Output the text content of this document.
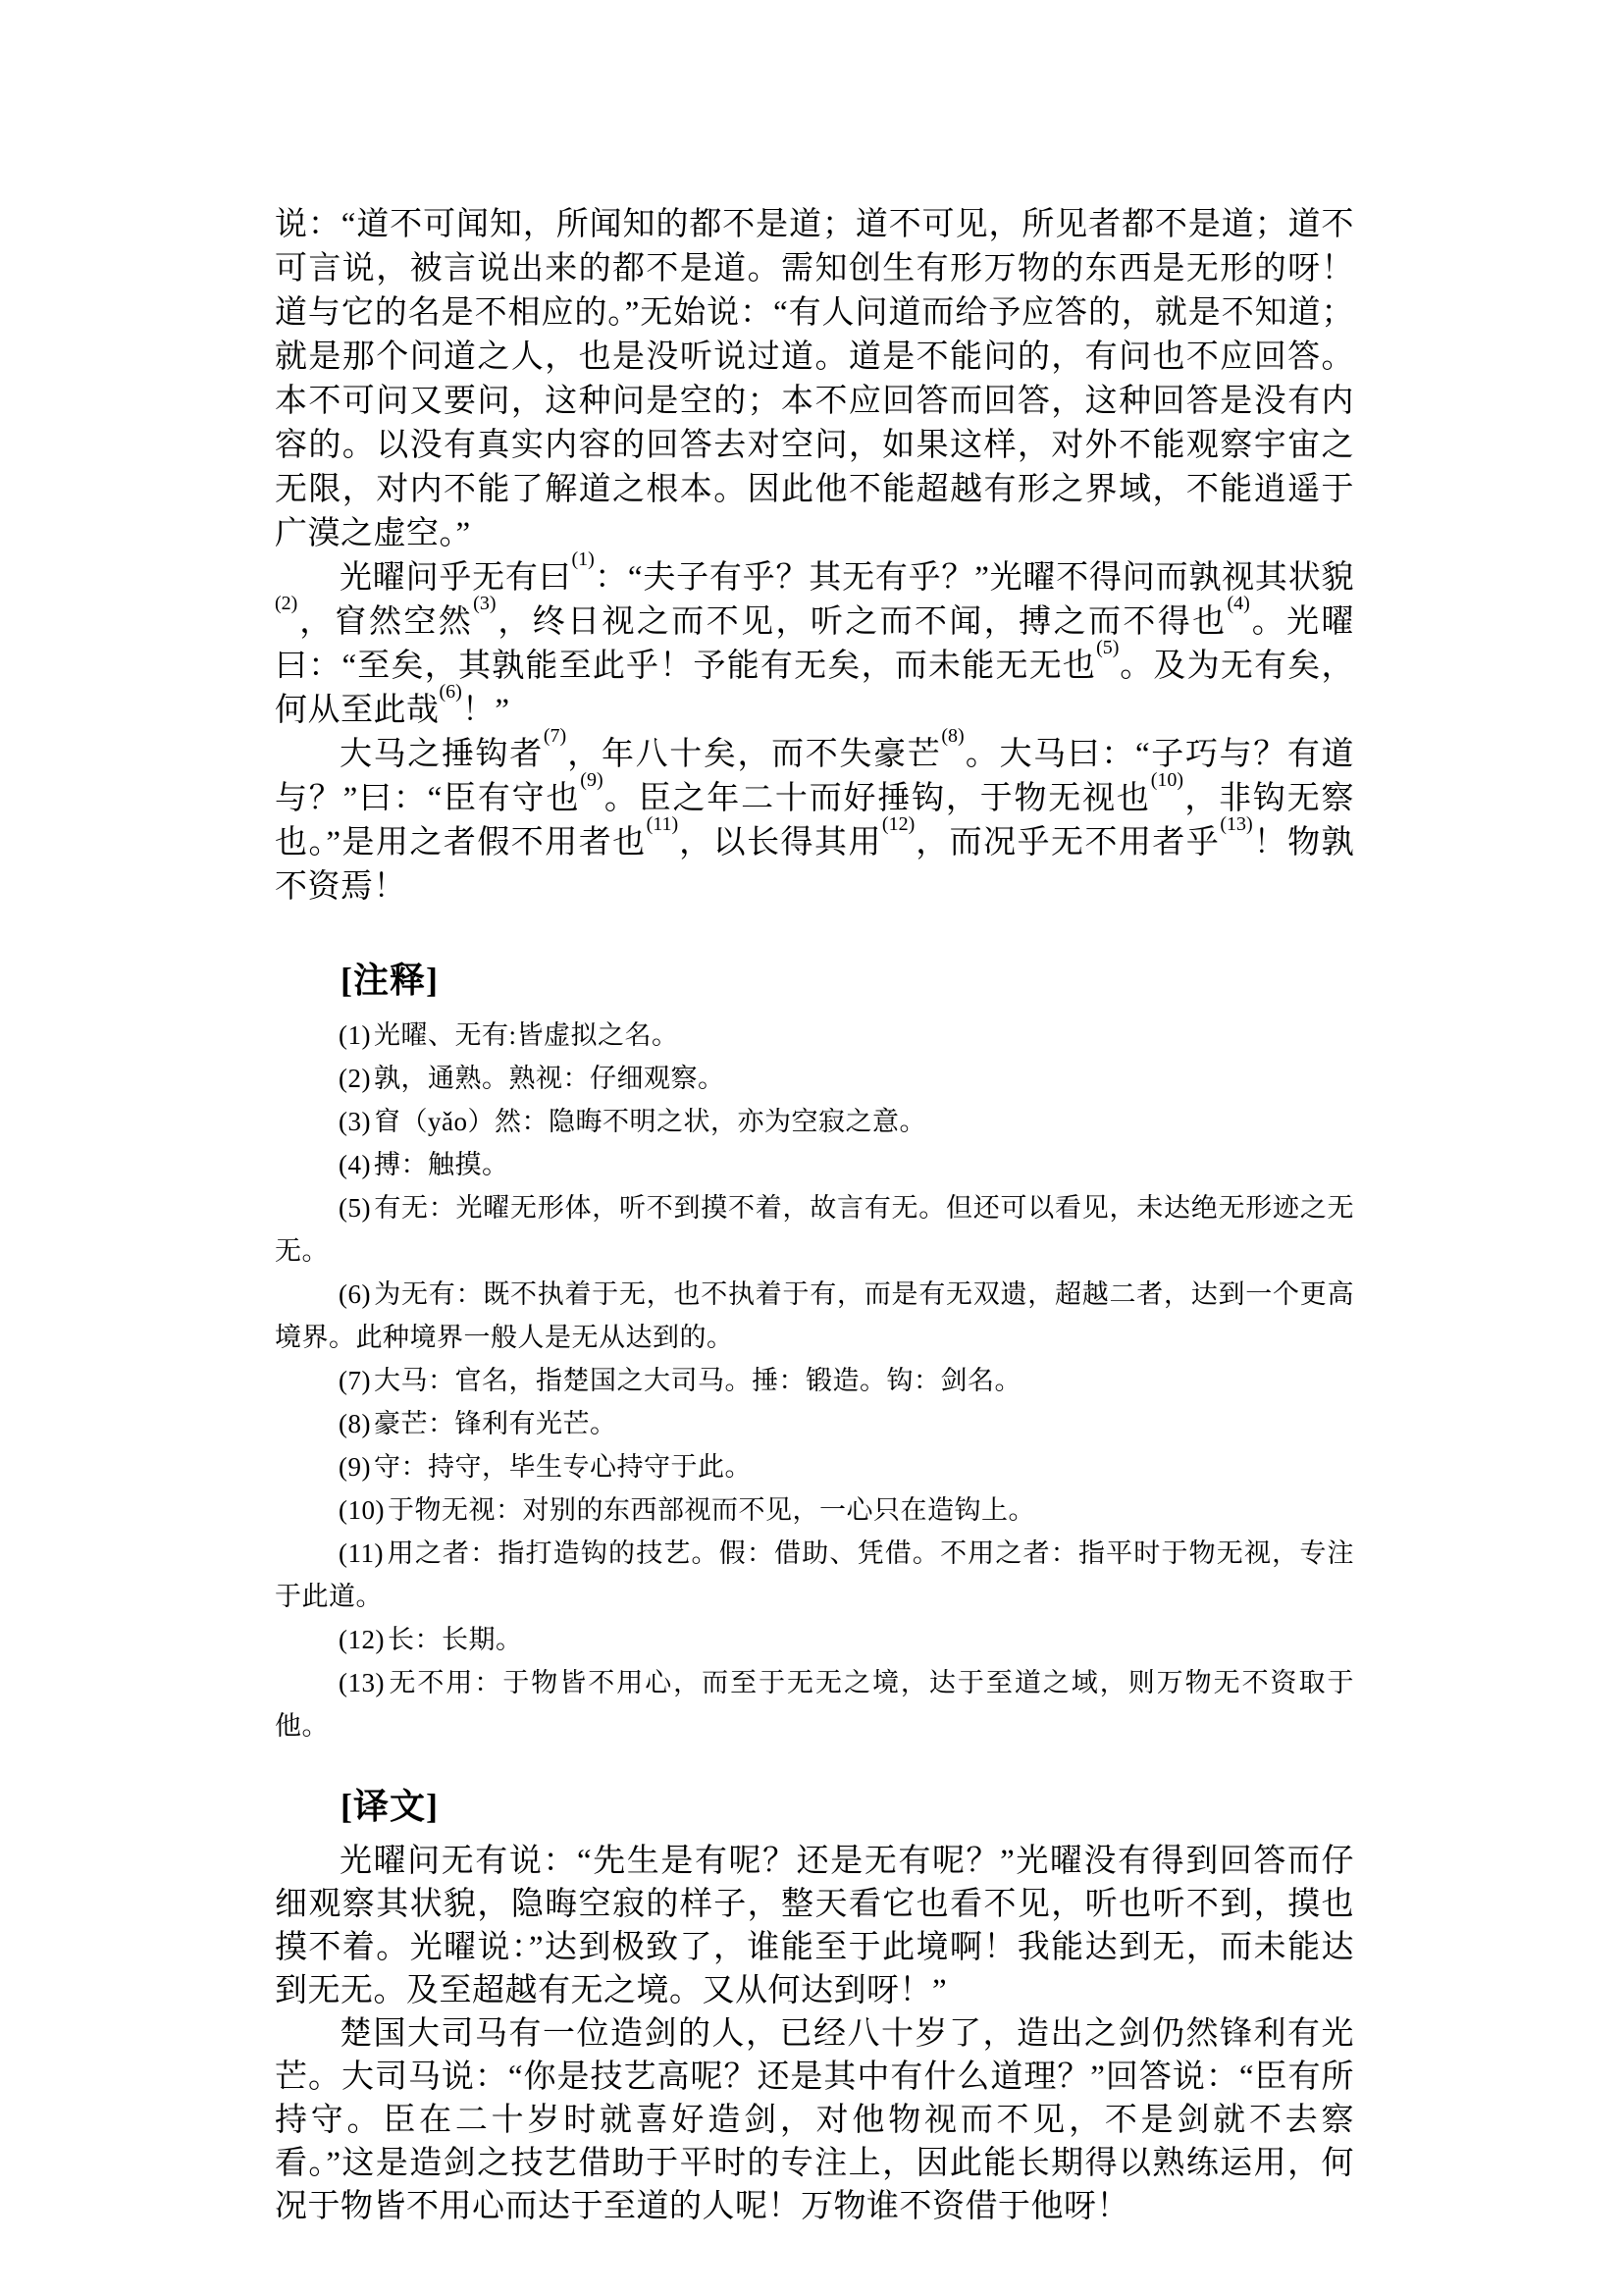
说：“道不可闻知，所闻知的都不是道；道不可见，所见者都不是道；道不可言说，被言说出来的都不是道。需知创生有形万物的东西是无形的呀！道与它的名是不相应的。”无始说：“有人问道而给予应答的，就是不知道；就是那个问道之人，也是没听说过道。道是不能问的，有问也不应回答。本不可问又要问，这种问是空的；本不应回答而回答，这种回答是没有内容的。以没有真实内容的回答去对空问，如果这样，对外不能观察宇宙之无限，对内不能了解道之根本。因此他不能超越有形之界域，不能逍遥于广漠之虚空。”

光曜问乎无有曰$^{(1)}$：“夫子有乎？其无有乎？”光曜不得问而孰视其状貌$^{(2)}$，窅然空然$^{(3)}$，终日视之而不见，听之而不闻，搏之而不得也$^{(4)}$。光曜曰：“至矣，其孰能至此乎！予能有无矣，而未能无无也$^{(5)}$。及为无有矣，何从至此哉$^{(6)}$！”

大马之捶钩者$^{(7)}$，年八十矣，而不失豪芒$^{(8)}$。大马曰：“子巧与？有道与？”曰：“臣有守也$^{(9)}$。臣之年二十而好捶钩，于物无视也$^{(10)}$，非钩无察也。”是用之者假不用者也$^{(11)}$，以长得其用$^{(12)}$，而况乎无不用者乎$^{(13)}$！物孰不资焉！

[注释]

(1) 光曜、无有:皆虚拟之名。

(2) 孰，通熟。熟视：仔细观察。

(3) 窅（yǎo）然：隐晦不明之状，亦为空寂之意。

(4) 搏：触摸。

(5) 有无：光曜无形体，听不到摸不着，故言有无。但还可以看见，未达绝无形迹之无无。

(6) 为无有：既不执着于无，也不执着于有，而是有无双遗，超越二者，达到一个更高境界。此种境界一般人是无从达到的。

(7) 大马：官名，指楚国之大司马。捶：锻造。钩：剑名。

(8) 豪芒：锋利有光芒。

(9) 守：持守，毕生专心持守于此。

(10) 于物无视：对别的东西部视而不见，一心只在造钩上。

(11) 用之者：指打造钩的技艺。假：借助、凭借。不用之者：指平时于物无视，专注于此道。

(12) 长：长期。

(13) 无不用：于物皆不用心，而至于无无之境，达于至道之域，则万物无不资取于他。

[译文]

光曜问无有说：“先生是有呢？还是无有呢？”光曜没有得到回答而仔细观察其状貌，隐晦空寂的样子，整天看它也看不见，听也听不到，摸也摸不着。光曜说：”达到极致了，谁能至于此境啊！我能达到无，而未能达到无无。及至超越有无之境。又从何达到呀！”

楚国大司马有一位造剑的人，已经八十岁了，造出之剑仍然锋利有光芒。大司马说：“你是技艺高呢？还是其中有什么道理？”回答说：“臣有所持守。臣在二十岁时就喜好造剑，对他物视而不见，不是剑就不去察看。”这是造剑之技艺借助于平时的专注上，因此能长期得以熟练运用，何况于物皆不用心而达于至道的人呢！万物谁不资借于他呀！
